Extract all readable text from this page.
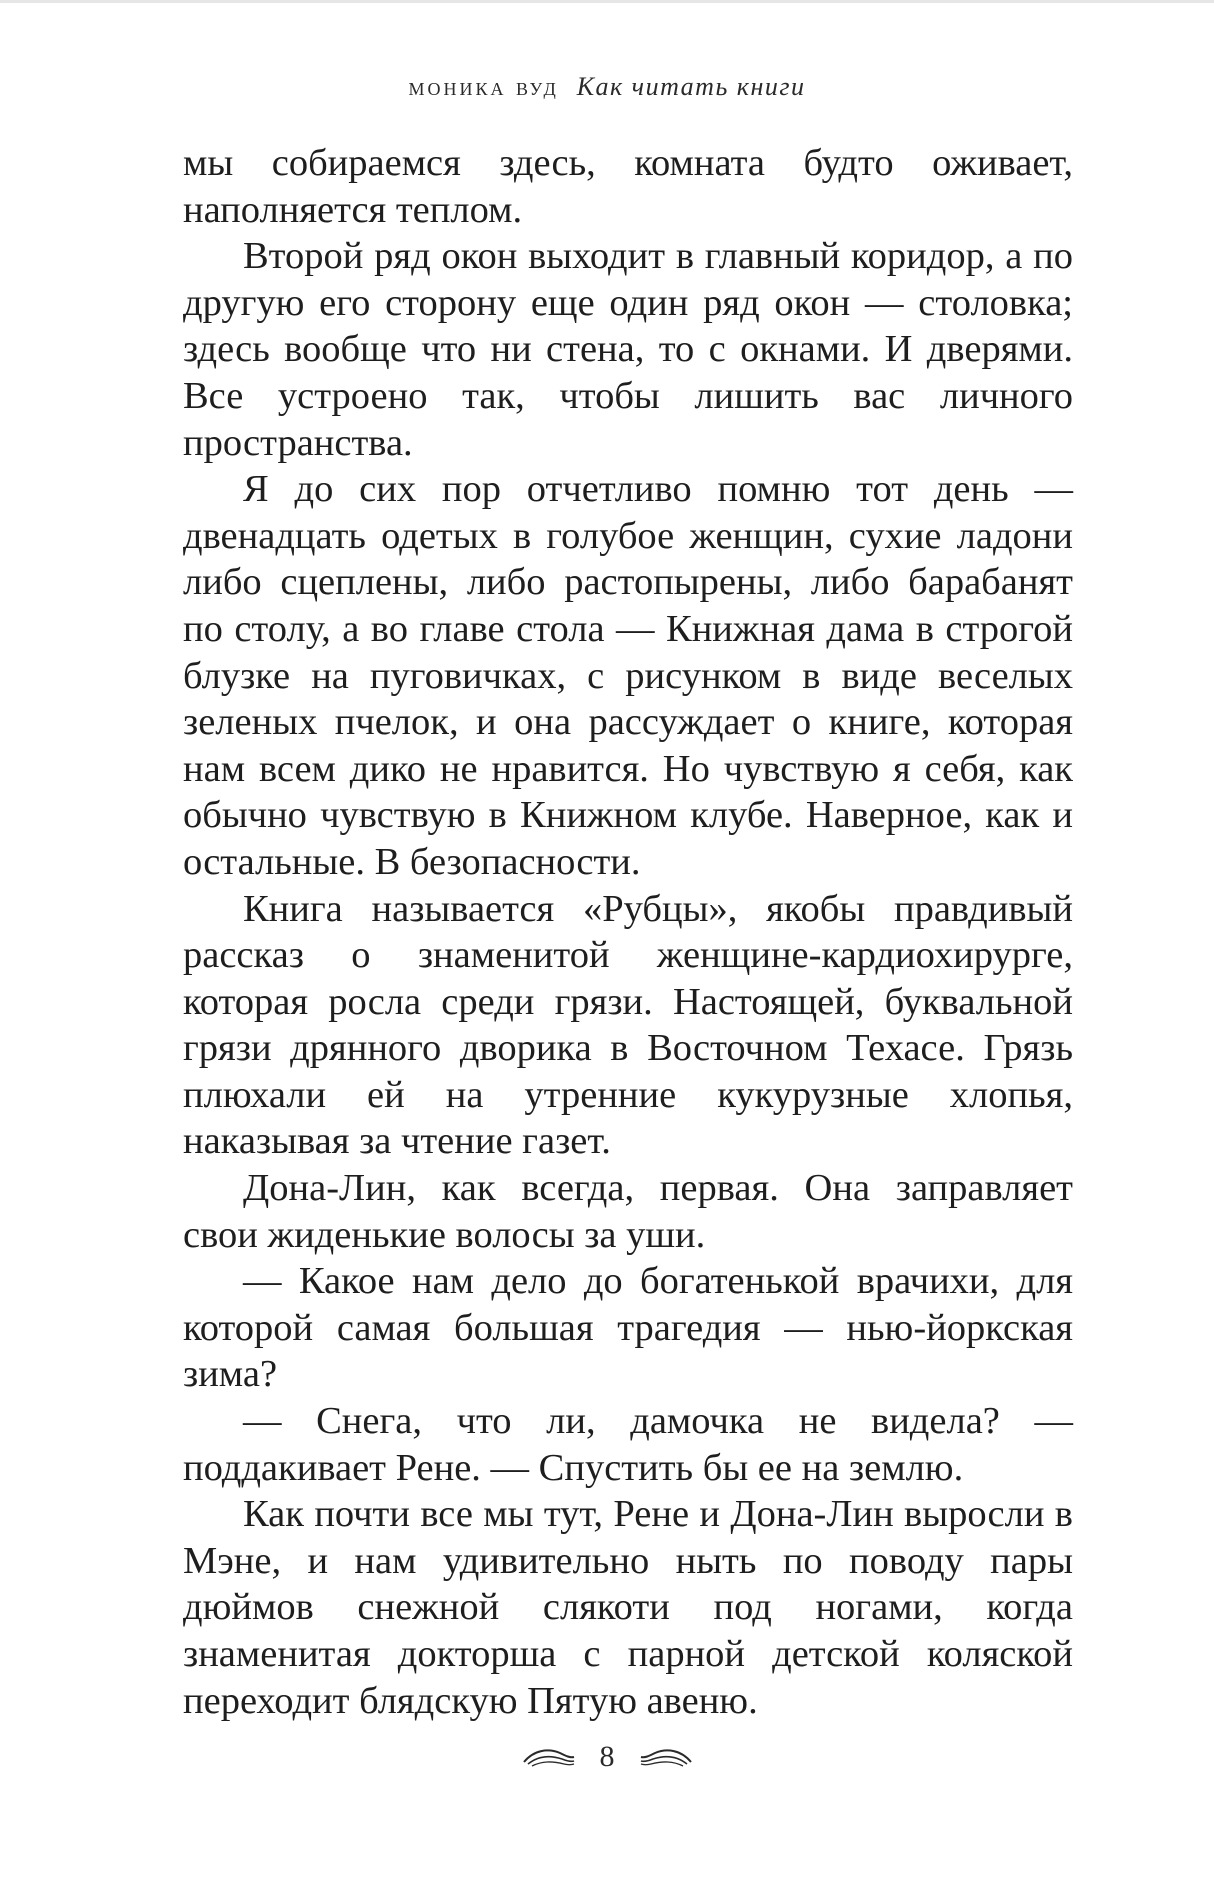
моника вуд Как читать книги

мы собираемся здесь, комната будто оживает, наполняется теплом.

Второй ряд окон выходит в главный коридор, а по другую его сторону еще один ряд окон — столовка; здесь вообще что ни стена, то с окнами. И дверями. Все устроено так, чтобы лишить вас личного пространства.

Я до сих пор отчетливо помню тот день — двенадцать одетых в голубое женщин, сухие ладони либо сцеплены, либо растопырены, либо барабанят по столу, а во главе стола — Книжная дама в строгой блузке на пуговичках, с рисунком в виде веселых зеленых пчелок, и она рассуждает о книге, которая нам всем дико не нравится. Но чувствую я себя, как обычно чувствую в Книжном клубе. Наверное, как и остальные. В безопасности.

Книга называется «Рубцы», якобы правдивый рассказ о знаменитой женщине-кардиохирурге, которая росла среди грязи. Настоящей, буквальной грязи дрянного дворика в Восточном Техасе. Грязь плюхали ей на утренние кукурузные хлопья, наказывая за чтение газет.

Дона-Лин, как всегда, первая. Она заправляет свои жиденькие волосы за уши.

— Какое нам дело до богатенькой врачихи, для которой самая большая трагедия — нью-йоркская зима?

— Снега, что ли, дамочка не видела? — поддакивает Рене. — Спустить бы ее на землю.

Как почти все мы тут, Рене и Дона-Лин выросли в Мэне, и нам удивительно ныть по поводу пары дюймов снежной слякоти под ногами, когда знаменитая докторша с парной детской коляской переходит блядскую Пятую авеню.

8
